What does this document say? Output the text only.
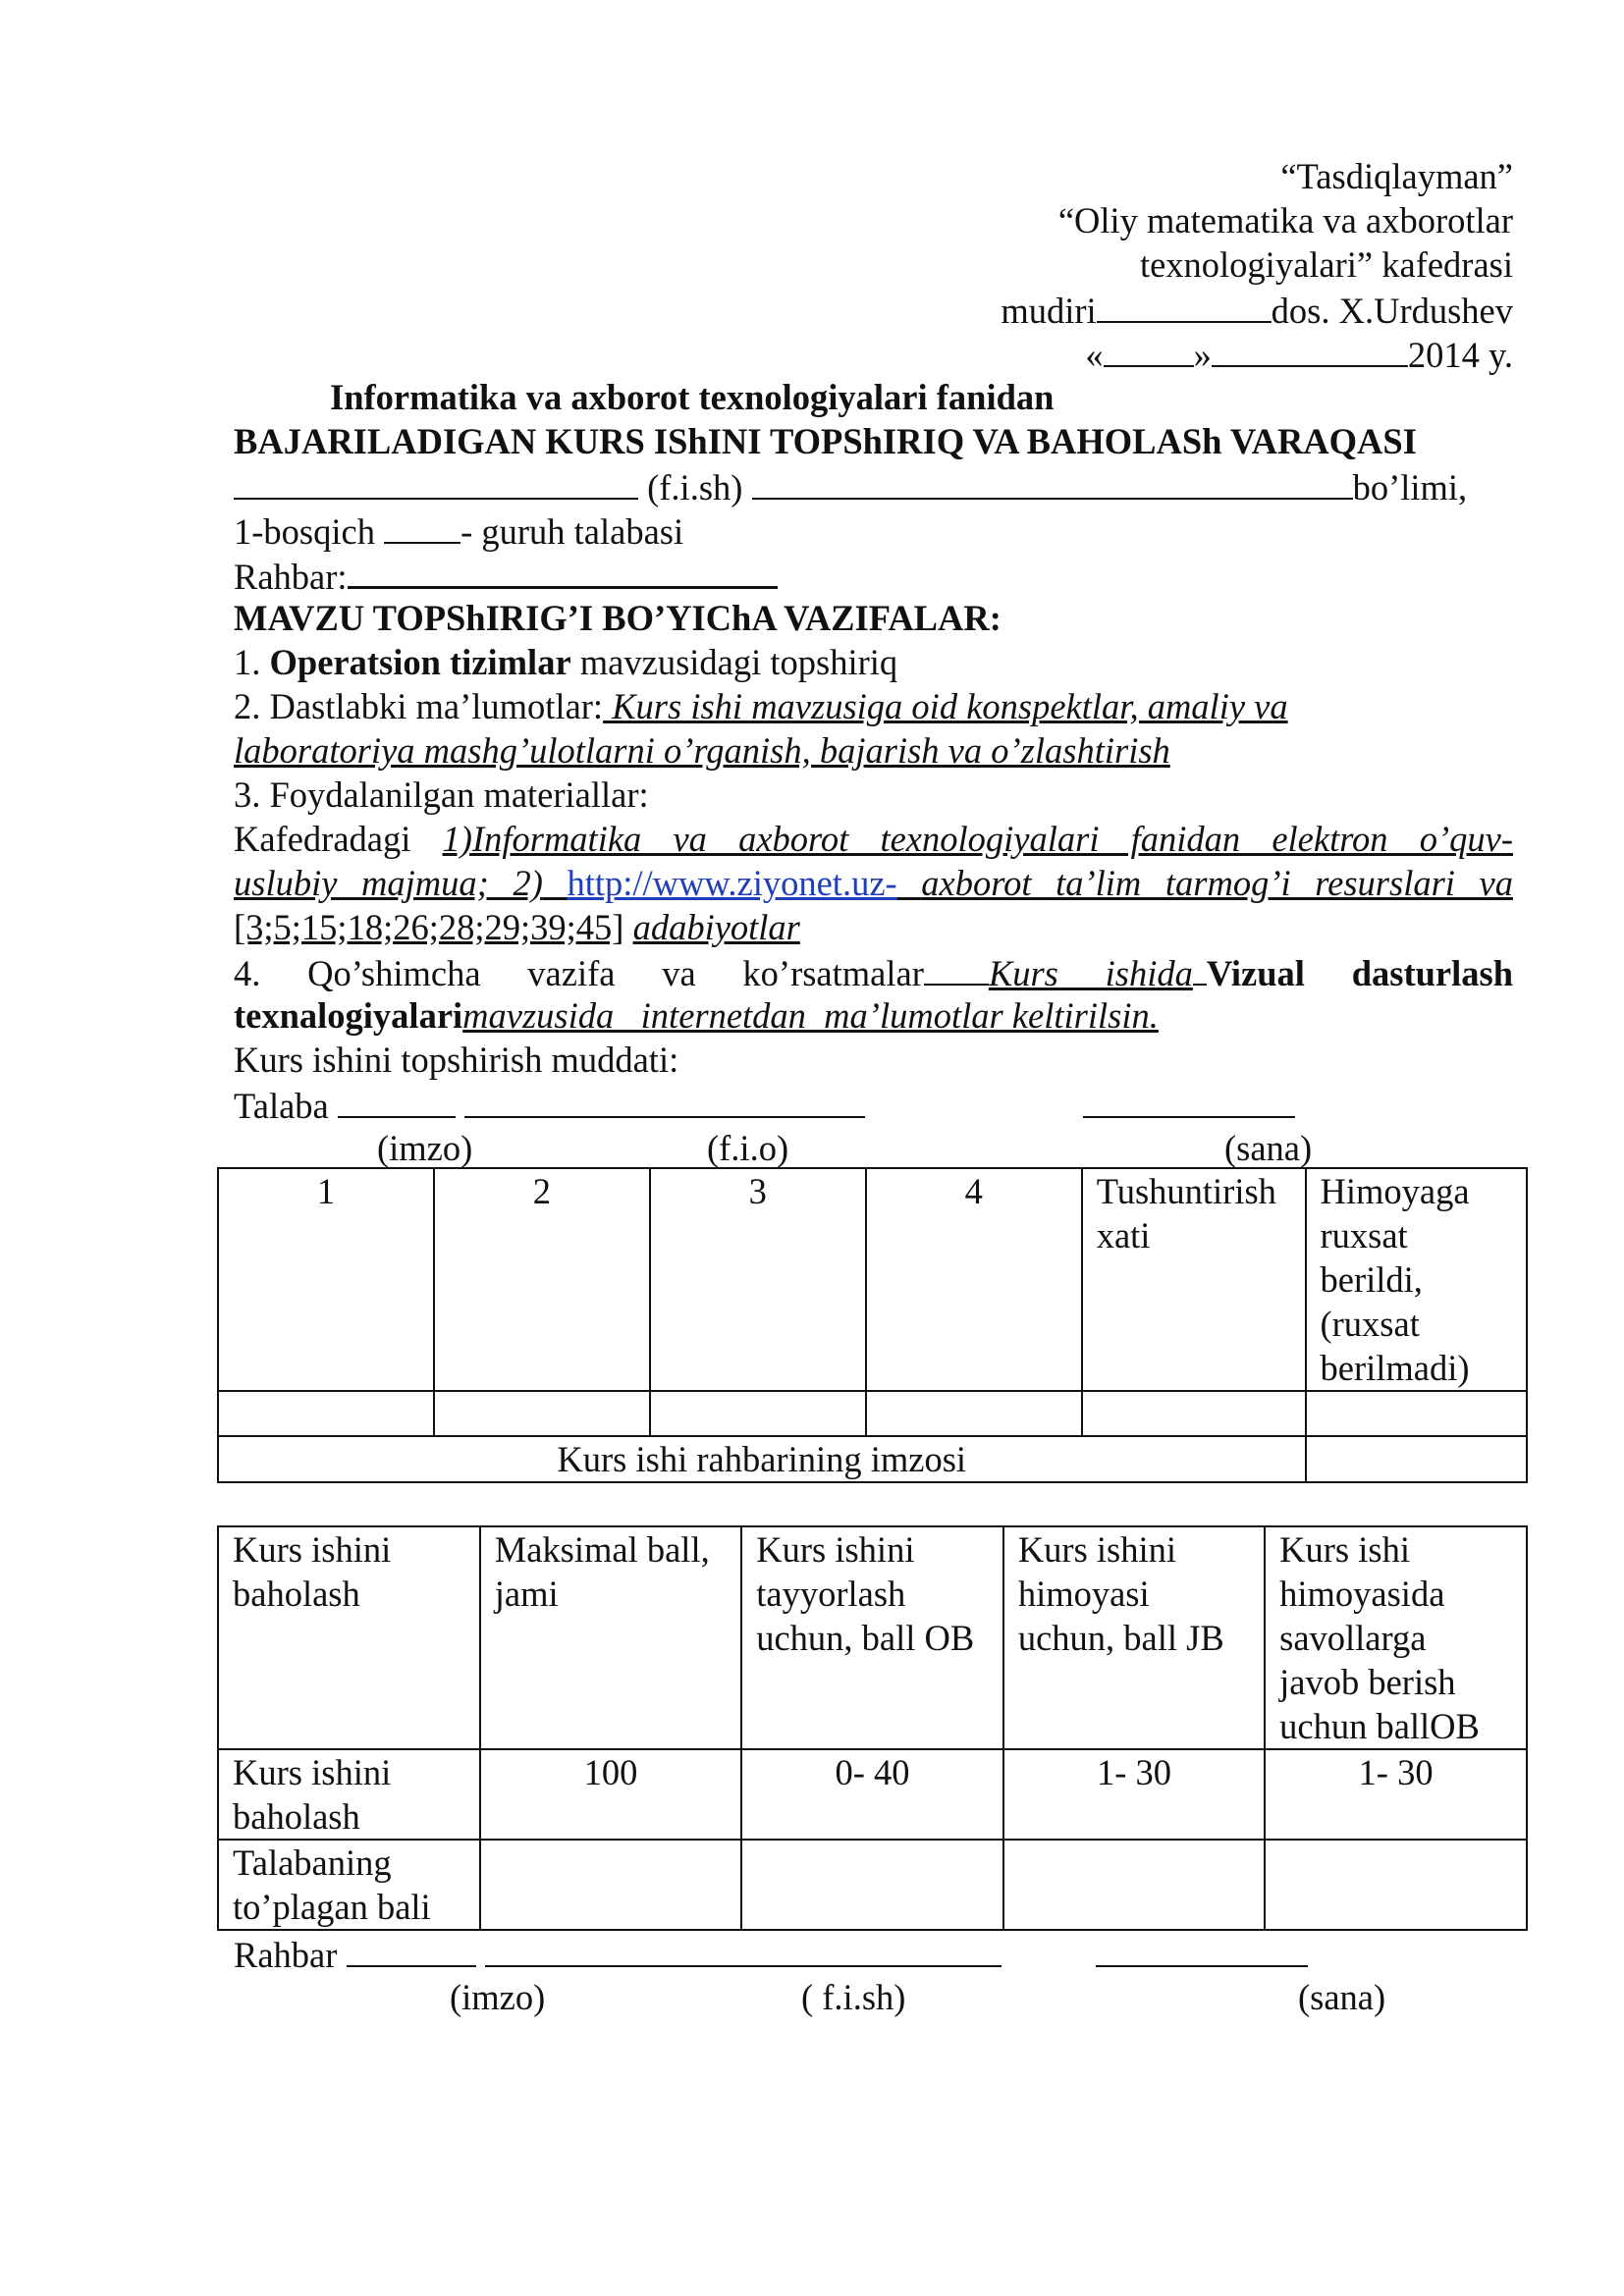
“Tasdiqlayman”
“Oliy matematika va axborotlar
texnologiyalari” kafedrasi
mudiri	dos. X.Urdushev
«	»	2014 y.
Informatika va axborot texnologiyalari fanidan
BAJARILADIGAN KURS IShINI TOPShIRIQ VA BAHOLASh VARAQASI
(f.i.sh)	bo’limi,
1-bosqich - guruh talabasi
Rahbar:
MAVZU TOPShIRIG’I BO’YIChA VAZIFALAR:
1. Operatsion tizimlar mavzusidagi topshiriq
2. Dastlabki ma’lumotlar: Kurs ishi mavzusiga oid konspektlar, amaliy va
laboratoriya mashg’ulotlarni o’rganish, bajarish va o’zlashtirish
3. Foydalanilgan materiallar:
Kafedradagi 1)Informatika va axborot texnologiyalari fanidan elektron o’quv-
uslubiy majmua; 2) http://www.ziyonet.uz- axborot ta’lim tarmog’i resurslari va
[3;5;15;18;26;28;29;39;45] adabiyotlar
4. Qo’shimcha vazifa va ko’rsatmalar Kurs ishida Vizual dasturlash
texnalogiyalarimavzusida   internetdan  ma’lumotlar keltirilsin.
Kurs ishini topshirish muddati:
Talaba
(imzo)	(f.i.o)	(sana)
1	2	3	4	Tushuntirish xati	Himoyaga ruxsat berildi, (ruxsat berilmadi)

Kurs ishi rahbarining imzosi					
Kurs ishini baholash	Maksimal ball, jami	Kurs ishini tayyorlash uchun, ball OB	Kurs ishini himoyasi uchun, ball JB	Kurs ishi himoyasida savollarga javob berish uchun ballOB
Kurs ishini baholash	100	0- 40	1- 30	1- 30
Talabaning to’plagan bali				
Rahbar
(imzo)	( f.i.sh)	(sana)
